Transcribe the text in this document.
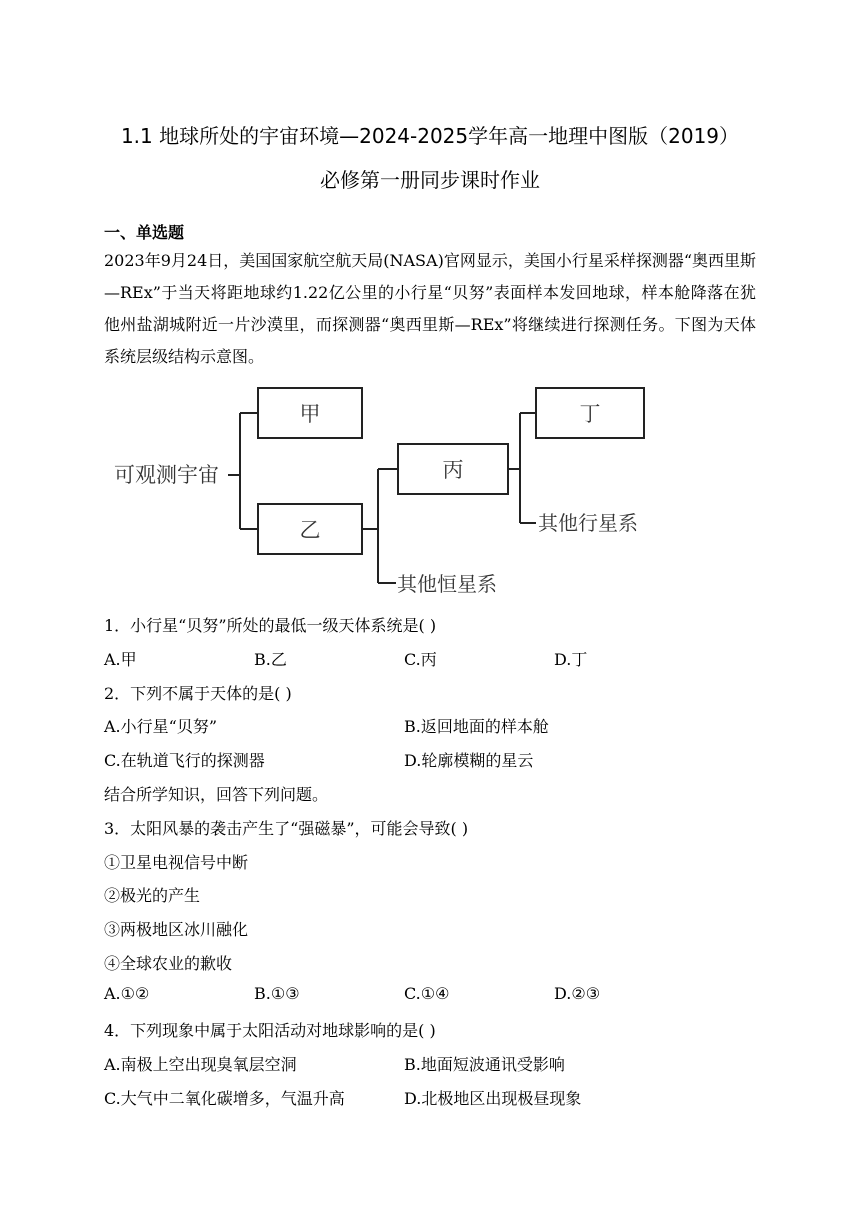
1.1 地球所处的宇宙环境—2024-2025学年高一地理中图版（2019）
必修第一册同步课时作业
一、单选题
2023年9月24日，美国国家航空航天局(NASA)官网显示，美国小行星采样探测器“奥西里斯—REx”于当天将距地球约1.22亿公里的小行星“贝努”表面样本发回地球，样本舱降落在犹他州盐湖城附近一片沙漠里，而探测器“奥西里斯—REx”将继续进行探测任务。下图为天体系统层级结构示意图。
可观测宇宙
甲
乙
丙
丁
其他行星系
其他恒星系
1．小行星“贝努”所处的最低一级天体系统是( )
A.甲	B.乙	C.丙	D.丁
2．下列不属于天体的是( )
A.小行星“贝努”	B.返回地面的样本舱
C.在轨道飞行的探测器	D.轮廓模糊的星云
结合所学知识，回答下列问题。
3．太阳风暴的袭击产生了“强磁暴”，可能会导致( )
①卫星电视信号中断
②极光的产生
③两极地区冰川融化
④全球农业的歉收
A.①②	B.①③	C.①④	D.②③
4．下列现象中属于太阳活动对地球影响的是( )
A.南极上空出现臭氧层空洞	B.地面短波通讯受影响
C.大气中二氧化碳增多，气温升高	D.北极地区出现极昼现象
